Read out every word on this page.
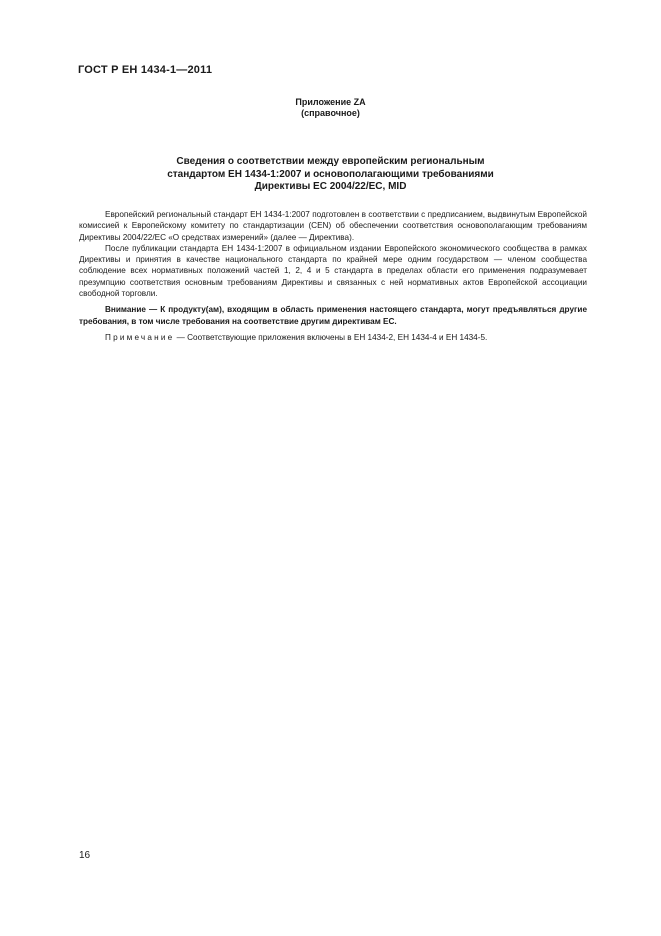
ГОСТ Р ЕН 1434-1—2011
Приложение ZA
(справочное)
Сведения о соответствии между европейским региональным
стандартом ЕН 1434-1:2007 и основополагающими требованиями
Директивы ЕС 2004/22/ЕС, MID

Европейский региональный стандарт ЕН 1434-1:2007 подготовлен в соответствии с предписанием, выдвинутым Европейской комиссией к Европейскому комитету по стандартизации (CEN) об обеспечении соответствия основополагающим требованиям Директивы 2004/22/ЕС «О средствах измерений» (далее — Директива).

После публикации стандарта ЕН 1434-1:2007 в официальном издании Европейского экономического сообщества в рамках Директивы и принятия в качестве национального стандарта по крайней мере одним государством — членом сообщества соблюдение всех нормативных положений частей 1, 2, 4 и 5 стандарта в пределах области его применения подразумевает презумпцию соответствия основным требованиям Директивы и связанных с ней нормативных актов Европейской ассоциации свободной торговли.

Внимание — К продукту(ам), входящим в область применения настоящего стандарта, могут предъявляться другие требования, в том числе требования на соответствие другим директивам ЕС.

Примечание — Соответствующие приложения включены в ЕН 1434-2, ЕН 1434-4 и ЕН 1434-5.

16
